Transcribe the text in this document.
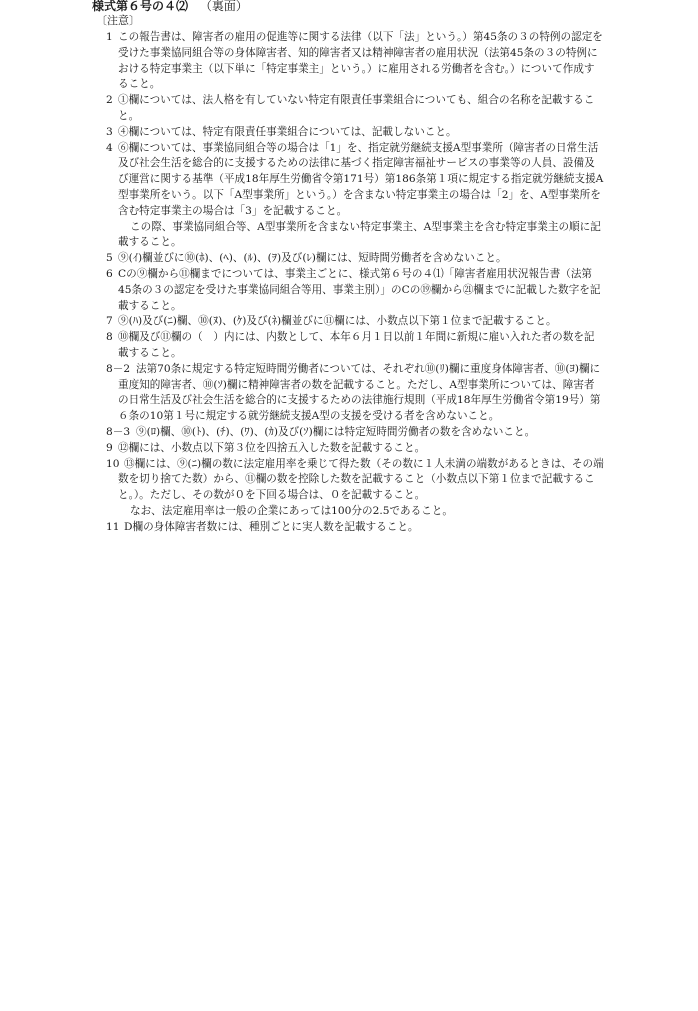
様式第６号の４⑵ （裏面）
〔注意〕
1 この報告書は、障害者の雇用の促進等に関する法律（以下「法」という。）第45条の３の特例の認定を受けた事業協同組合等の身体障害者、知的障害者又は精神障害者の雇用状況（法第45条の３の特例における特定事業主（以下単に「特定事業主」という。）に雇用される労働者を含む。）について作成すること。
2 ①欄については、法人格を有していない特定有限責任事業組合についても、組合の名称を記載すること。
3 ④欄については、特定有限責任事業組合については、記載しないこと。
4 ⑥欄については、事業協同組合等の場合は「1」を、指定就労継続支援A型事業所（障害者の日常生活及び社会生活を総合的に支援するための法律に基づく指定障害福祉サービスの事業等の人員、設備及び運営に関する基準（平成18年厚生労働省令第171号）第186条第１項に規定する指定就労継続支援A型事業所をいう。以下「A型事業所」という。）を含まない特定事業主の場合は「2」を、A型事業所を含む特定事業主の場合は「3」を記載すること。
この際、事業協同組合等、A型事業所を含まない特定事業主、A型事業主を含む特定事業主の順に記載すること。
5 ⑨(ｲ)欄並びに⑩(ﾎ)、(ﾍ)、(ﾙ)、(ｦ)及び(ﾚ)欄には、短時間労働者を含めないこと。
6 Cの⑨欄から⑪欄までについては、事業主ごとに、様式第６号の４⑴「障害者雇用状況報告書（法第45条の３の認定を受けた事業協同組合等用、事業主別）」のCの⑲欄から㉑欄までに記載した数字を記載すること。
7 ⑨(ﾊ)及び(ﾆ)欄、⑩(ﾇ)、(ｹ)及び(ﾈ)欄並びに⑪欄には、小数点以下第１位まで記載すること。
8 ⑩欄及び⑪欄の（　）内には、内数として、本年６月１日以前１年間に新規に雇い入れた者の数を記載すること。
8－2 法第70条に規定する特定短時間労働者については、それぞれ⑩(ﾘ)欄に重度身体障害者、⑩(ﾖ)欄に重度知的障害者、⑩(ｿ)欄に精神障害者の数を記載すること。ただし、A型事業所については、障害者の日常生活及び社会生活を総合的に支援するための法律施行規則（平成18年厚生労働省令第19号）第６条の10第１号に規定する就労継続支援A型の支援を受ける者を含めないこと。
8－3 ⑨(ﾛ)欄、⑩(ﾄ)、(ﾁ)、(ﾜ)、(ｶ)及び(ｿ)欄には特定短時間労働者の数を含めないこと。
9 ⑫欄には、小数点以下第３位を四捨五入した数を記載すること。
10 ⑬欄には、⑨(ﾆ)欄の数に法定雇用率を乗じて得た数（その数に１人未満の端数があるときは、その端数を切り捨てた数）から、⑪欄の数を控除した数を記載すること（小数点以下第１位まで記載すること。）。ただし、その数が０を下回る場合は、０を記載すること。
なお、法定雇用率は一般の企業にあっては100分の2.5であること。
11 D欄の身体障害者数には、種別ごとに実人数を記載すること。
